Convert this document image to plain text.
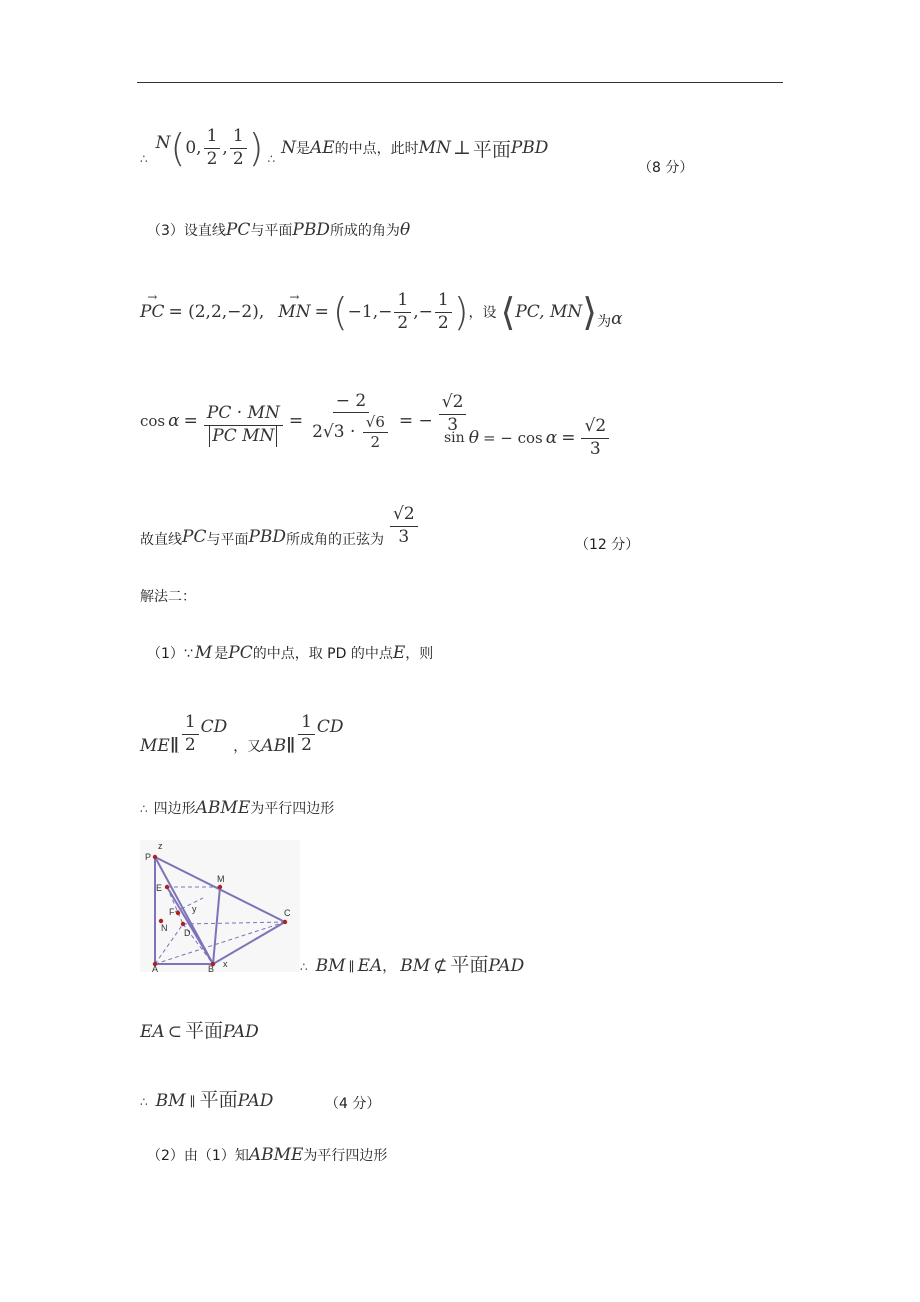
∴
N ( 0, $\frac{1}{2}$ , $\frac{1}{2}$ ) ∴
N 是 AE 的中点，此时 MN ⊥ 平面 PBD
（8 分）
（3）设直线 PC 与平面 PBD 所成的角为 θ
→ PC = (2,2,−2) ,
→ MN = ( $-1,- \frac{1}{2}$ ,− $\frac{1}{2}$ ) ，设 ⟨ PC, MN ⟩ 为 α
$\cos \alpha = \frac{PC \cdot MN}{\text{PC MN}} = \frac{- 2}{2√3 \cdot \frac{√6}{2}}$ = − $\frac{√2}{3}$
sin θ = − $\cos \alpha = \frac{√2}{3}$
故直线 PC 与平面 PBD 所成角的正弦为 $\frac{√2}{3}$	（12 分）
解法二：
（1）∵ M 是 PC 的中点，取 PD 的中点 E ，则
ME ∥ $\frac{1}{2}$ CD
，又 AB ∥ $\frac{1}{2}$ CD
∴ 四边形 ABME 为平行四边形
P
z
E
M
F y
N D
C
A	B x	∴ BM ∥ EA ， BM ⊄ 平面 PAD
EA ⊂ 平面 PAD
∴ BM ∥ 平面 PAD	（4 分）
（2）由（1）知 ABME 为平行四边形
